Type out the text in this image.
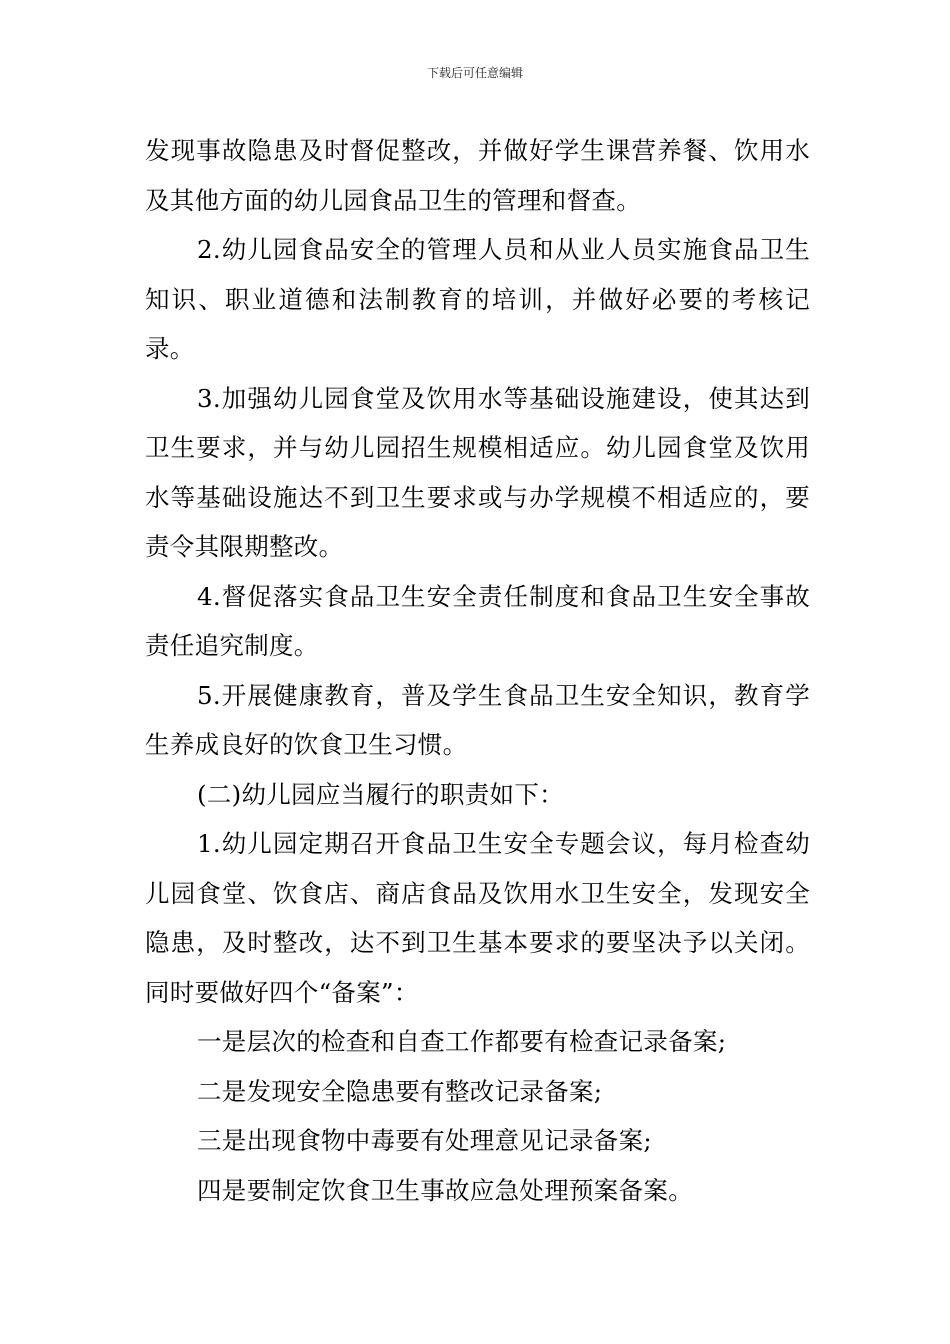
下载后可任意编辑

发现事故隐患及时督促整改，并做好学生课营养餐、饮用水及其他方面的幼儿园食品卫生的管理和督查。

2.幼儿园食品安全的管理人员和从业人员实施食品卫生知识、职业道德和法制教育的培训，并做好必要的考核记录。

3.加强幼儿园食堂及饮用水等基础设施建设，使其达到卫生要求，并与幼儿园招生规模相适应。幼儿园食堂及饮用水等基础设施达不到卫生要求或与办学规模不相适应的，要责令其限期整改。

4.督促落实食品卫生安全责任制度和食品卫生安全事故责任追究制度。

5.开展健康教育，普及学生食品卫生安全知识，教育学生养成良好的饮食卫生习惯。

(二)幼儿园应当履行的职责如下：

1.幼儿园定期召开食品卫生安全专题会议，每月检查幼儿园食堂、饮食店、商店食品及饮用水卫生安全，发现安全隐患，及时整改，达不到卫生基本要求的要坚决予以关闭。同时要做好四个“备案”：

一是层次的检查和自查工作都要有检查记录备案;

二是发现安全隐患要有整改记录备案;

三是出现食物中毒要有处理意见记录备案;

四是要制定饮食卫生事故应急处理预案备案。
